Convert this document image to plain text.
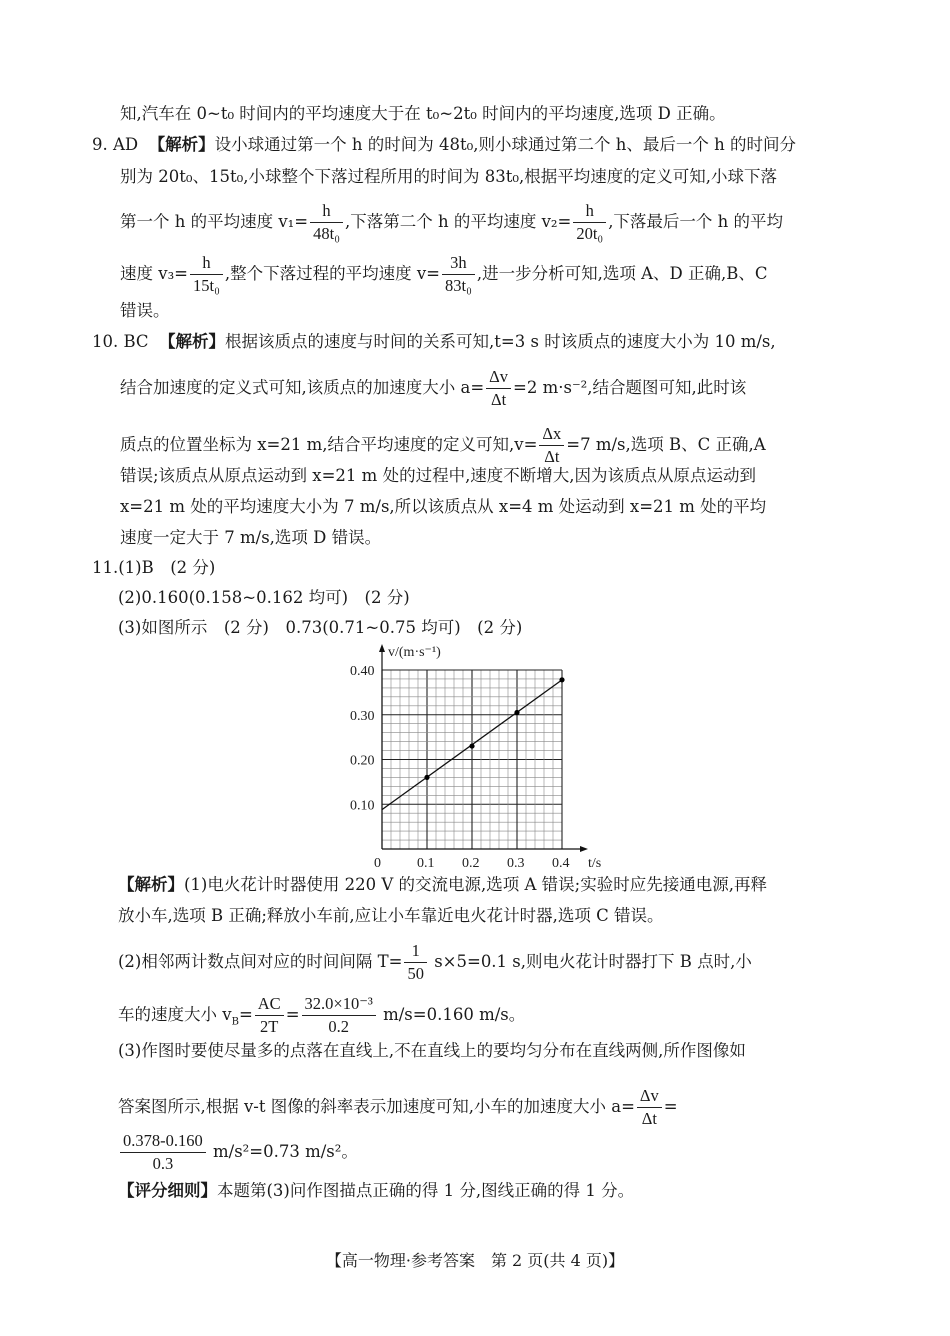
知,汽车在 0~t₀ 时间内的平均速度大于在 t₀~2t₀ 时间内的平均速度,选项 D 正确。
9. AD 【解析】设小球通过第一个 h 的时间为 48t₀,则小球通过第二个 h、最后一个 h 的时间分
别为 20t₀、15t₀,小球整个下落过程所用的时间为 83t₀,根据平均速度的定义可知,小球下落
第一个 h 的平均速度 $v_1= \frac{h}{\text{48t₀}}$ ,下落第二个 h 的平均速度 $v_2= \frac{h}{\text{20t₀}}$ ,下落最后一个 h 的平均
速度 $v_3= \frac{h}{\text{15t₀}}$ ,整个下落过程的平均速度 $v= \frac{3h}{\text{83t₀}}$ ,进一步分析可知,选项 A、D 正确,B、C
错误。
10. BC 【解析】根据该质点的速度与时间的关系可知,t=3 s 时该质点的速度大小为 10 m/s,
结合加速度的定义式可知,该质点的加速度大小 $a= \frac{\Delta v}{\Delta t} =2$ m·s⁻²,结合题图可知,此时该
质点的位置坐标为 x=21 m,结合平均速度的定义可知$,v= \frac{\Delta x}{\Delta t} =7$ m/s,选项 B、C 正确,A
错误;该质点从原点运动到 x=21 m 处的过程中,速度不断增大,因为该质点从原点运动到
x=21 m 处的平均速度大小为 7 m/s,所以该质点从 x=4 m 处运动到 x=21 m 处的平均
速度一定大于 7 m/s,选项 D 错误。
11.(1)B　(2 分)
(2)0.160(0.158~0.162 均可)　(2 分)
(3)如图所示　(2 分)　0.73(0.71~0.75 均可)　(2 分)
v/(m·s⁻¹)
t/s
0	0.1 0.2 0.3 0.4
0.10
0.20
0.30
0.40
【解析】(1)电火花计时器使用 220 V 的交流电源,选项 A 错误;实验时应先接通电源,再释
放小车,选项 B 正确;释放小车前,应让小车靠近电火花计时器,选项 C 错误。
(2)相邻两计数点间对应的时间间隔 $T= \frac{1}{50} s\times 5=0.1$ s,则电火花计时器打下 B 点时,小
车的速度大小 $v_B= \frac{AC}{2T} = \frac{\text{32.0×10⁻³}}{0.2} m/s=0.160$ m/s。
(3)作图时要使尽量多的点落在直线上,不在直线上的要均匀分布在直线两侧,所作图像如
答案图所示,根据 v-t 图像的斜率表示加速度可知,小车的加速度大小 $a= \frac{\Delta v}{\Delta t}$ =
$\frac{0.378-0.160}{0.3} m/s^2=0.73$ m/s²。
【评分细则】本题第(3)问作图描点正确的得 1 分,图线正确的得 1 分。
【高一物理·参考答案　第 2 页(共 4 页)】
